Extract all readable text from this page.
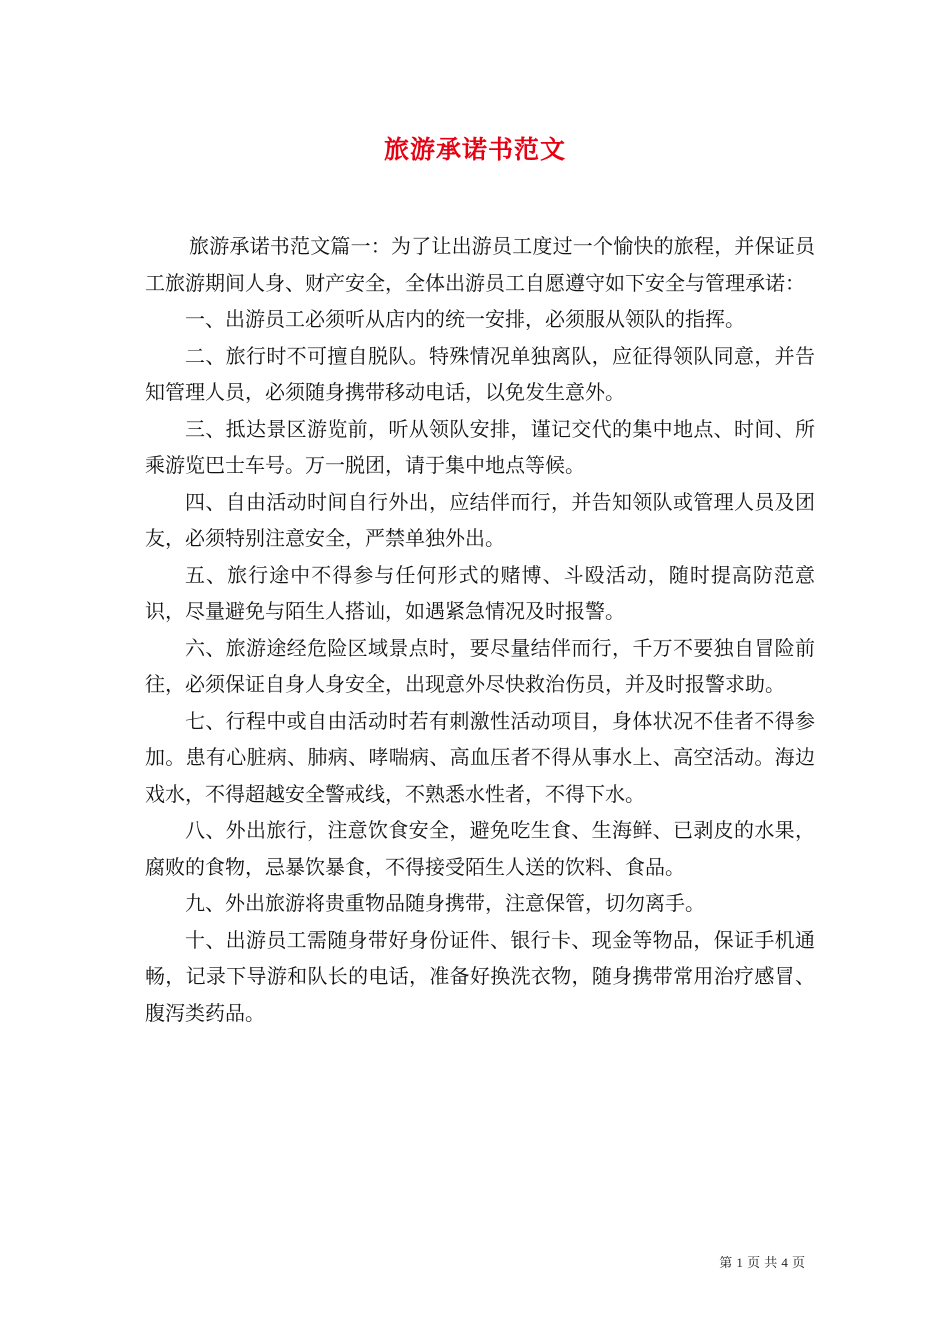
旅游承诺书范文

旅游承诺书范文篇一：为了让出游员工度过一个愉快的旅程，并保证员工旅游期间人身、财产安全，全体出游员工自愿遵守如下安全与管理承诺：

一、出游员工必须听从店内的统一安排，必须服从领队的指挥。

二、旅行时不可擅自脱队。特殊情况单独离队，应征得领队同意，并告知管理人员，必须随身携带移动电话，以免发生意外。

三、抵达景区游览前，听从领队安排，谨记交代的集中地点、时间、所乘游览巴士车号。万一脱团，请于集中地点等候。

四、自由活动时间自行外出，应结伴而行，并告知领队或管理人员及团友，必须特别注意安全，严禁单独外出。

五、旅行途中不得参与任何形式的赌博、斗殴活动，随时提高防范意识，尽量避免与陌生人搭讪，如遇紧急情况及时报警。

六、旅游途经危险区域景点时，要尽量结伴而行，千万不要独自冒险前往，必须保证自身人身安全，出现意外尽快救治伤员，并及时报警求助。

七、行程中或自由活动时若有刺激性活动项目，身体状况不佳者不得参加。患有心脏病、肺病、哮喘病、高血压者不得从事水上、高空活动。海边戏水，不得超越安全警戒线，不熟悉水性者，不得下水。

八、外出旅行，注意饮食安全，避免吃生食、生海鲜、已剥皮的水果，腐败的食物，忌暴饮暴食，不得接受陌生人送的饮料、食品。

九、外出旅游将贵重物品随身携带，注意保管，切勿离手。

十、出游员工需随身带好身份证件、银行卡、现金等物品，保证手机通畅，记录下导游和队长的电话，准备好换洗衣物，随身携带常用治疗感冒、腹泻类药品。

第 1 页 共 4 页
